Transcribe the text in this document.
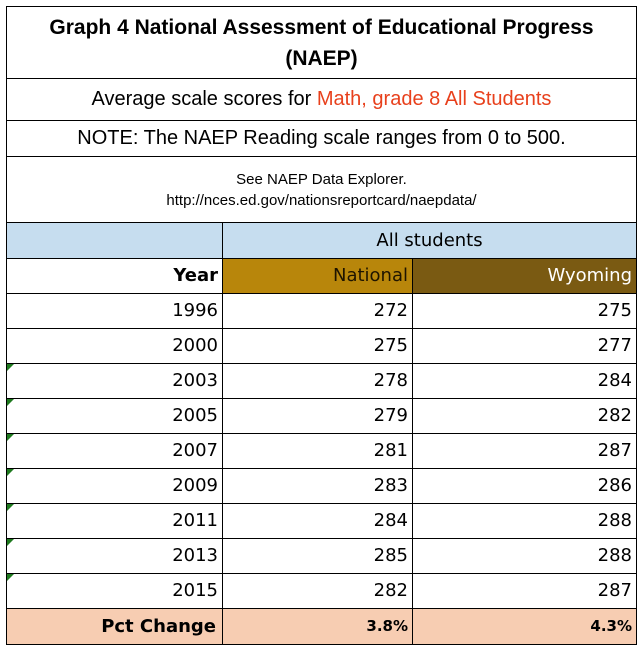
Graph 4 National Assessment of Educational Progress
(NAEP)
Average scale scores for Math, grade 8 All Students
NOTE: The NAEP Reading scale ranges from 0 to 500.
See NAEP Data Explorer.
http://nces.ed.gov/nationsreportcard/naepdata/
	All students	
Year	National	Wyoming
1996	272	275
2000	275	277
2003	278	284
2005	279	282
2007	281	287
2009	283	286
2011	284	288
2013	285	288
2015	282	287
Pct Change	3.8%	4.3%
